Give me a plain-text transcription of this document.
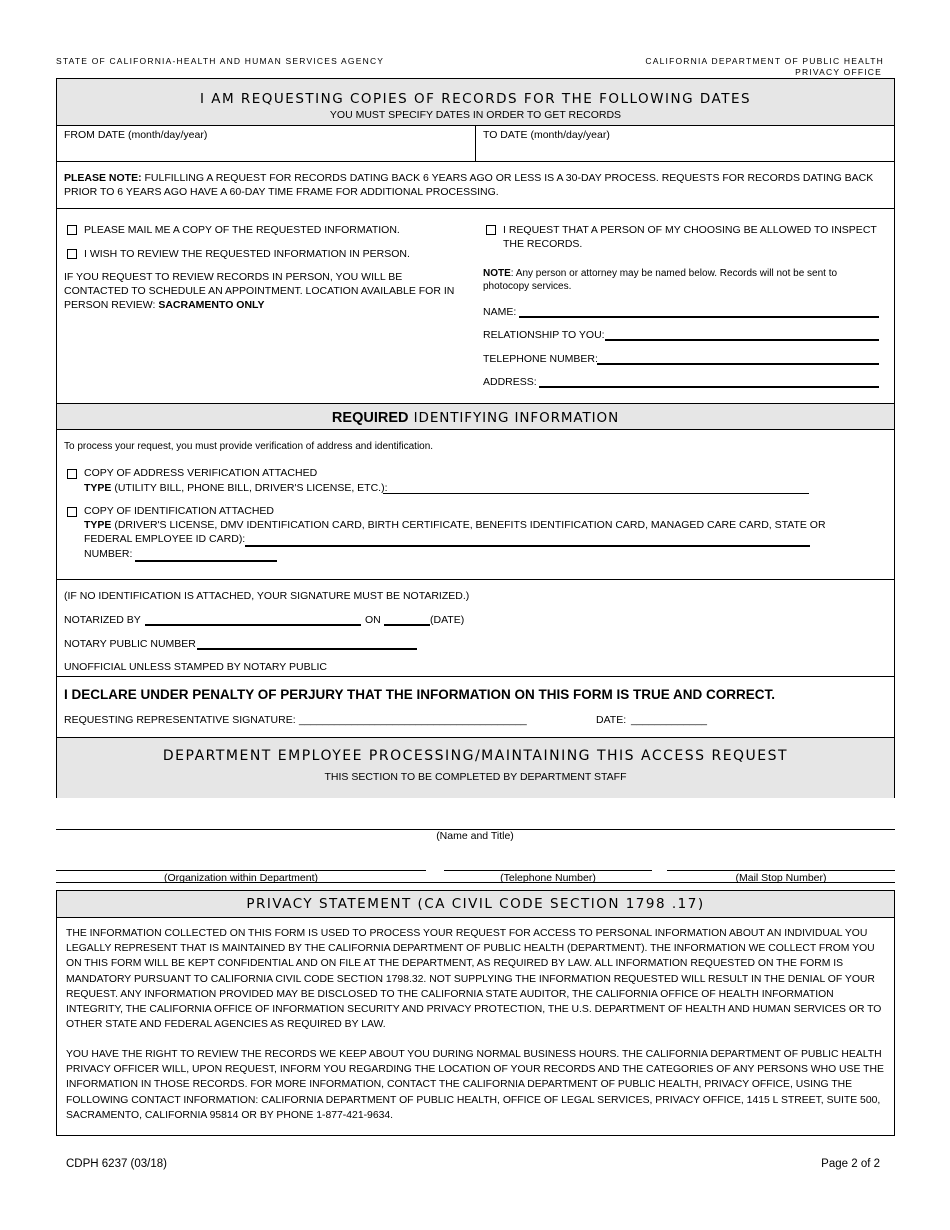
STATE OF CALIFORNIA-HEALTH AND HUMAN SERVICES AGENCY	CALIFORNIA DEPARTMENT OF PUBLIC HEALTH
PRIVACY OFFICE
I AM REQUESTING COPIES OF RECORDS FOR THE FOLLOWING DATES
YOU MUST SPECIFY DATES IN ORDER TO GET RECORDS
FROM DATE (month/day/year)	TO DATE (month/day/year)
PLEASE NOTE: FULFILLING A REQUEST FOR RECORDS DATING BACK 6 YEARS AGO OR LESS IS A 30-DAY PROCESS. REQUESTS FOR RECORDS DATING BACK PRIOR TO 6 YEARS AGO HAVE A 60-DAY TIME FRAME FOR ADDITIONAL PROCESSING.
PLEASE MAIL ME A COPY OF THE REQUESTED INFORMATION.
I WISH TO REVIEW THE REQUESTED INFORMATION IN PERSON.
IF YOU REQUEST TO REVIEW RECORDS IN PERSON, YOU WILL BE CONTACTED TO SCHEDULE AN APPOINTMENT. LOCATION AVAILABLE FOR IN PERSON REVIEW: SACRAMENTO ONLY
I REQUEST THAT A PERSON OF MY CHOOSING BE ALLOWED TO INSPECT THE RECORDS.
NOTE: Any person or attorney may be named below. Records will not be sent to photocopy services.
NAME:
RELATIONSHIP TO YOU:
TELEPHONE NUMBER:
ADDRESS:
REQUIRED IDENTIFYING INFORMATION
To process your request, you must provide verification of address and identification.
COPY OF ADDRESS VERIFICATION ATTACHED
TYPE (UTILITY BILL, PHONE BILL, DRIVER'S LICENSE, ETC.):
COPY OF IDENTIFICATION ATTACHED
TYPE (DRIVER'S LICENSE, DMV IDENTIFICATION CARD, BIRTH CERTIFICATE, BENEFITS IDENTIFICATION CARD, MANAGED CARE CARD, STATE OR FEDERAL EMPLOYEE ID CARD):
NUMBER:
(IF NO IDENTIFICATION IS ATTACHED, YOUR SIGNATURE MUST BE NOTARIZED.)
NOTARIZED BY	ON	(DATE)
NOTARY PUBLIC NUMBER
UNOFFICIAL UNLESS STAMPED BY NOTARY PUBLIC
I DECLARE UNDER PENALTY OF PERJURY THAT THE INFORMATION ON THIS FORM IS TRUE AND CORRECT.
REQUESTING REPRESENTATIVE SIGNATURE: _______________________________________	DATE: _____________
DEPARTMENT EMPLOYEE PROCESSING/MAINTAINING THIS ACCESS REQUEST
THIS SECTION TO BE COMPLETED BY DEPARTMENT STAFF
(Name and Title)
(Organization within Department)	(Telephone Number)	(Mail Stop Number)
PRIVACY STATEMENT (CA CIVIL CODE SECTION 1798 .17)
THE INFORMATION COLLECTED ON THIS FORM IS USED TO PROCESS YOUR REQUEST FOR ACCESS TO PERSONAL INFORMATION ABOUT AN INDIVIDUAL YOU LEGALLY REPRESENT THAT IS MAINTAINED BY THE CALIFORNIA DEPARTMENT OF PUBLIC HEALTH (DEPARTMENT). THE INFORMATION WE COLLECT FROM YOU ON THIS FORM WILL BE KEPT CONFIDENTIAL AND ON FILE AT THE DEPARTMENT, AS REQUIRED BY LAW. ALL INFORMATION REQUESTED ON THE FORM IS MANDATORY PURSUANT TO CALIFORNIA CIVIL CODE SECTION 1798.32. NOT SUPPLYING THE INFORMATION REQUESTED WILL RESULT IN THE DENIAL OF YOUR REQUEST. ANY INFORMATION PROVIDED MAY BE DISCLOSED TO THE CALIFORNIA STATE AUDITOR, THE CALIFORNIA OFFICE OF HEALTH INFORMATION INTEGRITY, THE CALIFORNIA OFFICE OF INFORMATION SECURITY AND PRIVACY PROTECTION, THE U.S. DEPARTMENT OF HEALTH AND HUMAN SERVICES OR TO OTHER STATE AND FEDERAL AGENCIES AS REQUIRED BY LAW.
YOU HAVE THE RIGHT TO REVIEW THE RECORDS WE KEEP ABOUT YOU DURING NORMAL BUSINESS HOURS. THE CALIFORNIA DEPARTMENT OF PUBLIC HEALTH PRIVACY OFFICER WILL, UPON REQUEST, INFORM YOU REGARDING THE LOCATION OF YOUR RECORDS AND THE CATEGORIES OF ANY PERSONS WHO USE THE INFORMATION IN THOSE RECORDS. FOR MORE INFORMATION, CONTACT THE CALIFORNIA DEPARTMENT OF PUBLIC HEALTH, PRIVACY OFFICE, USING THE FOLLOWING CONTACT INFORMATION: CALIFORNIA DEPARTMENT OF PUBLIC HEALTH, OFFICE OF LEGAL SERVICES, PRIVACY OFFICE, 1415 L STREET, SUITE 500, SACRAMENTO, CALIFORNIA 95814 OR BY PHONE 1-877-421-9634.
CDPH 6237 (03/18)	Page 2 of 2
